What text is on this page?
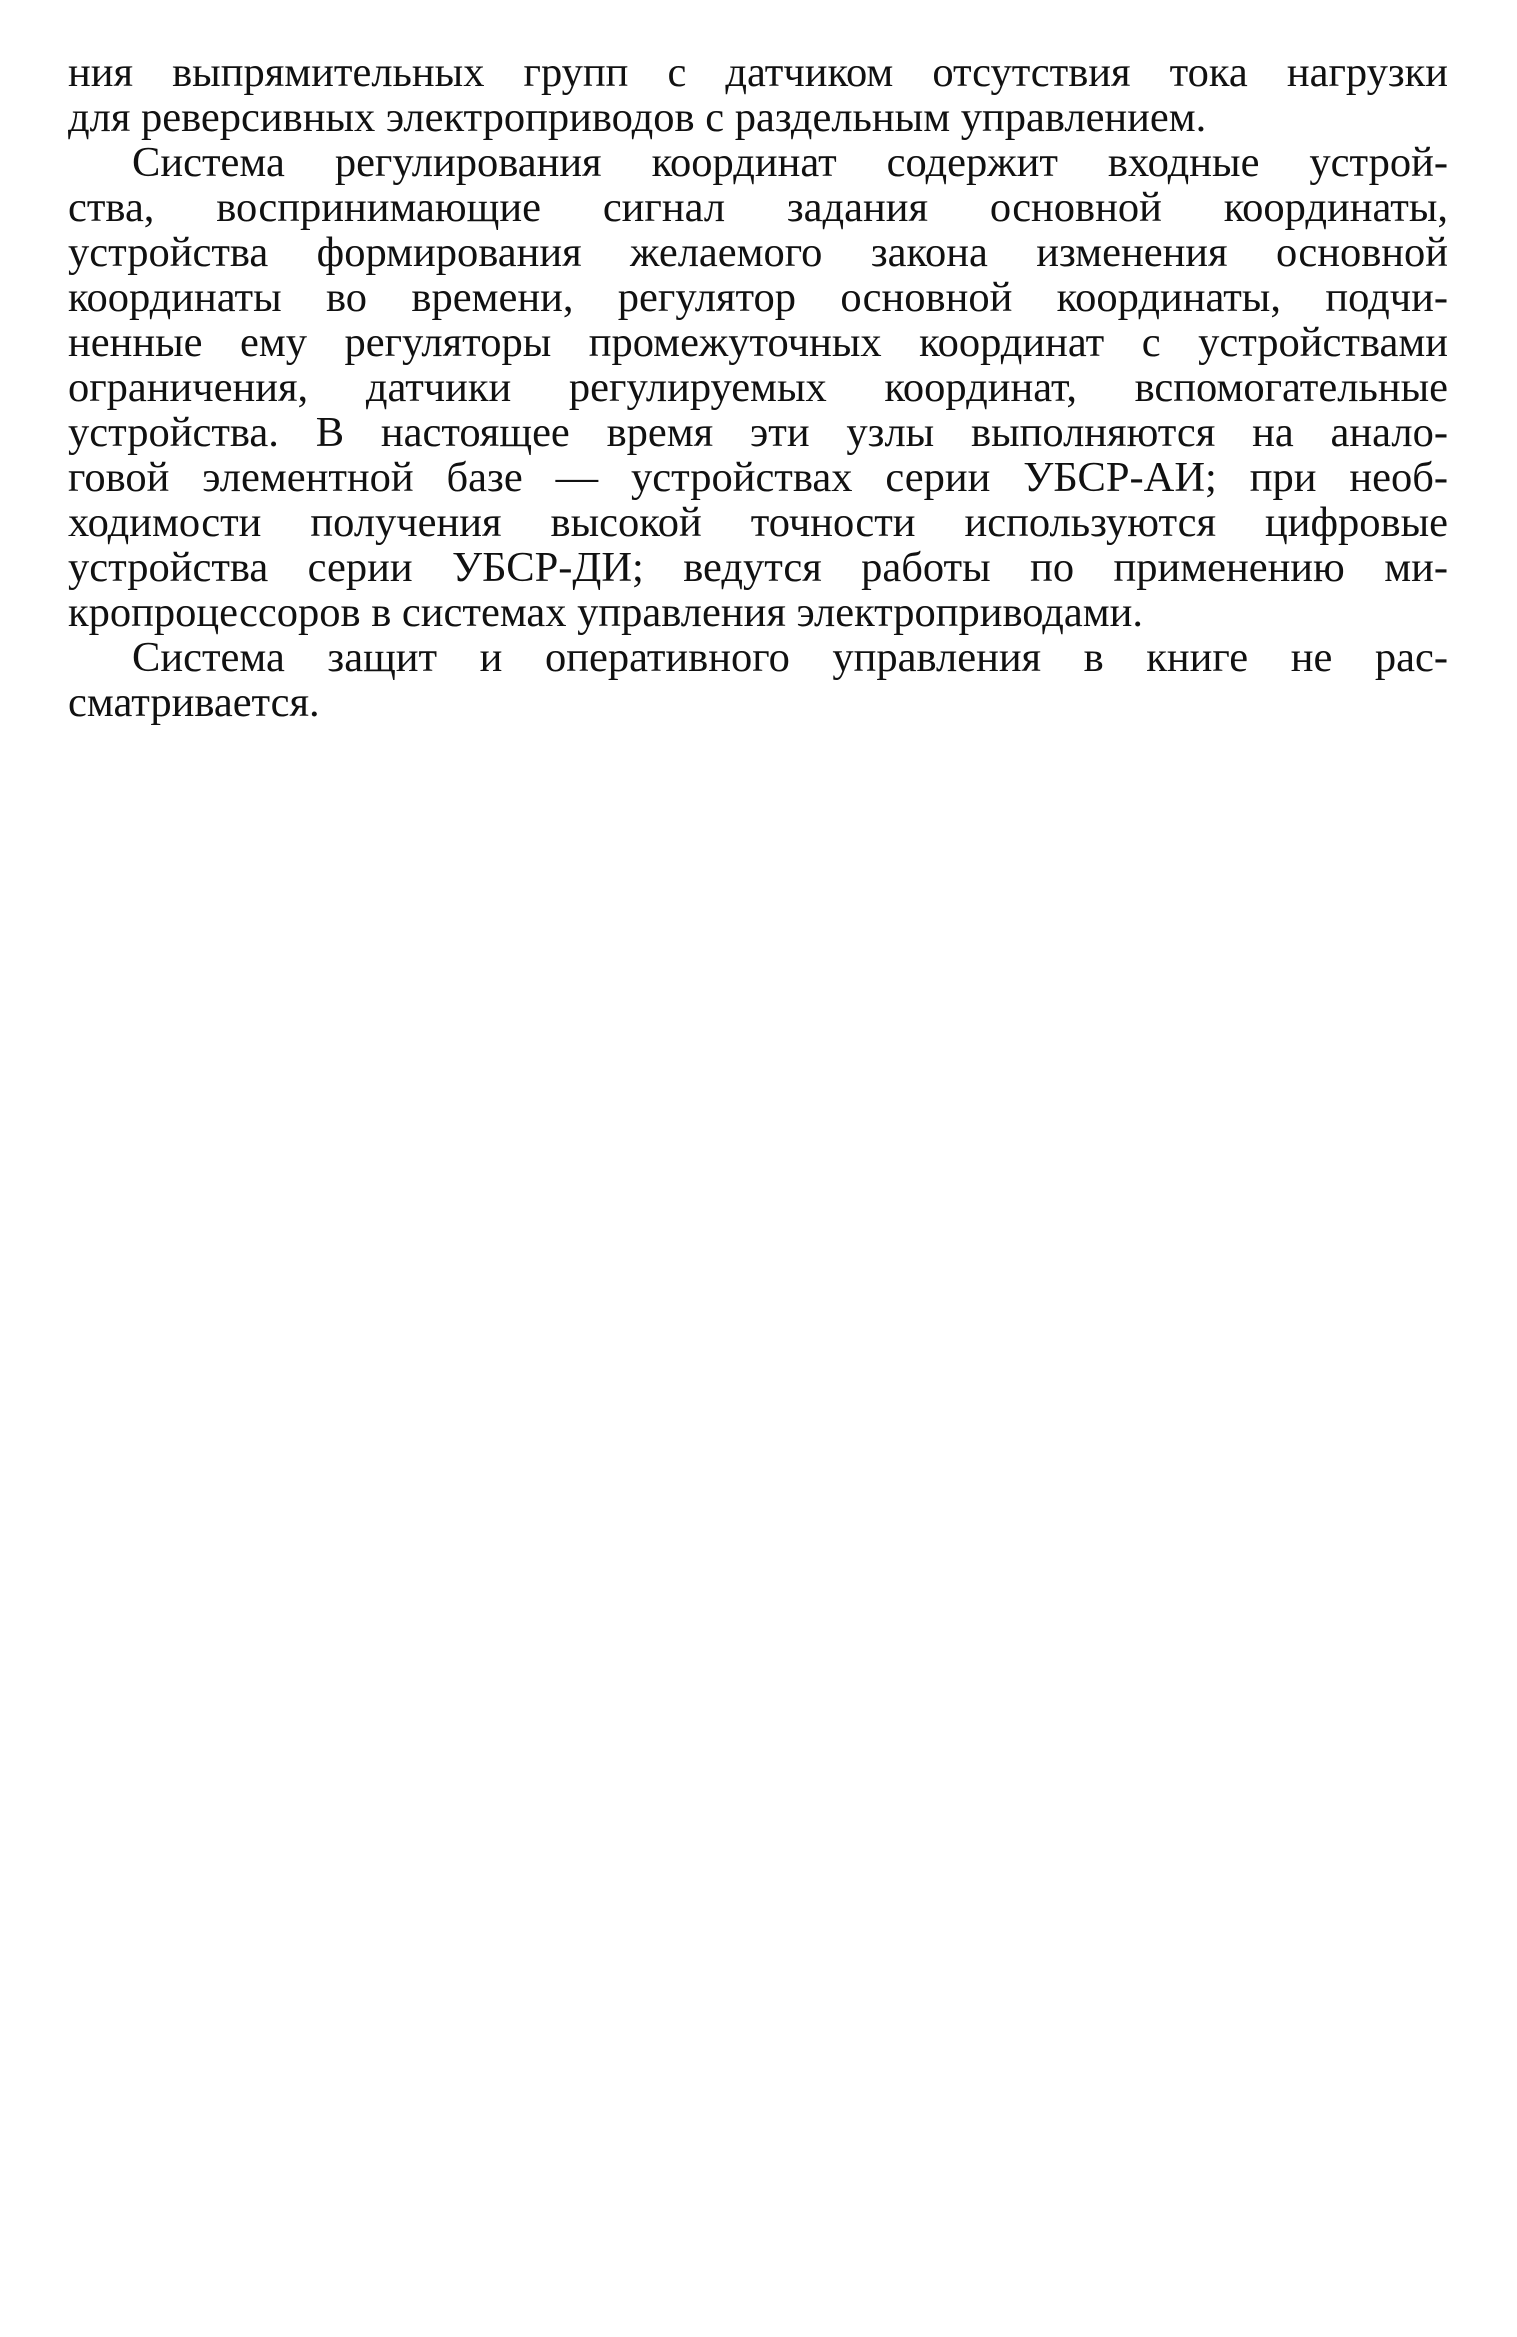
ния выпрямительных групп с датчиком отсутствия тока нагрузки
для реверсивных электроприводов с раздельным управлением.
Система регулирования координат содержит входные устрой-
ства, воспринимающие сигнал задания основной координаты,
устройства формирования желаемого закона изменения основной
координаты во времени, регулятор основной координаты, подчи-
ненные ему регуляторы промежуточных координат с устройствами
ограничения, датчики регулируемых координат, вспомогательные
устройства. В настоящее время эти узлы выполняются на анало-
говой элементной базе — устройствах серии УБСР-АИ; при необ-
ходимости получения высокой точности используются цифровые
устройства серии УБСР-ДИ; ведутся работы по применению ми-
кропроцессоров в системах управления электроприводами.
Система защит и оперативного управления в книге не рас-
сматривается.
